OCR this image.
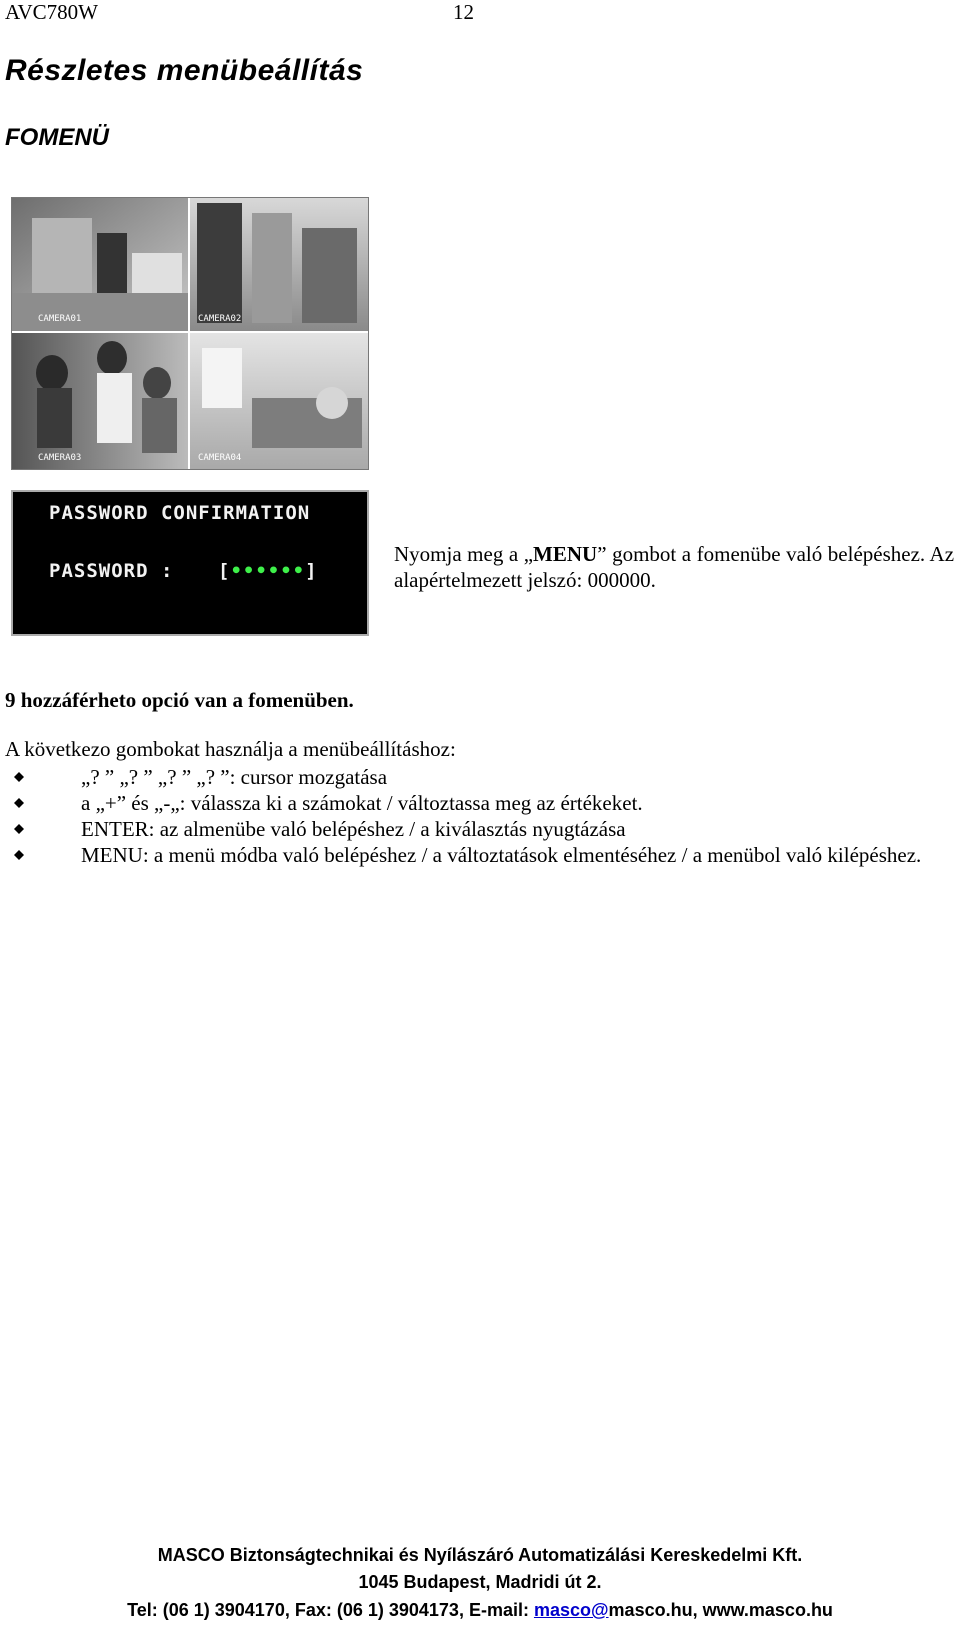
AVC780W	12
Részletes menübeállítás
FOMENÜ
CAMERA01	CAMERA02
CAMERA03	CAMERA04
PASSWORD CONFIRMATION
PASSWORD : [••••••]
Nyomja meg a „MENU” gombot a fomenübe való belépéshez. Az alapértelmezett jelszó: 000000.
9 hozzáférheto opció van a fomenüben.
A következo gombokat használja a menübeállításhoz:
„? ” „? ” „? ” „? ”: cursor mozgatása
a „+” és „-„: válassza ki a számokat / változtassa meg az értékeket.
ENTER: az almenübe való belépéshez / a kiválasztás nyugtázása
MENU: a menü módba való belépéshez / a változtatások elmentéséhez / a menübol való kilépéshez.
MASCO Biztonságtechnikai és Nyílászáró Automatizálási Kereskedelmi Kft.
1045 Budapest, Madridi út 2.
Tel: (06 1) 3904170, Fax: (06 1) 3904173, E-mail: masco@masco.hu, www.masco.hu
